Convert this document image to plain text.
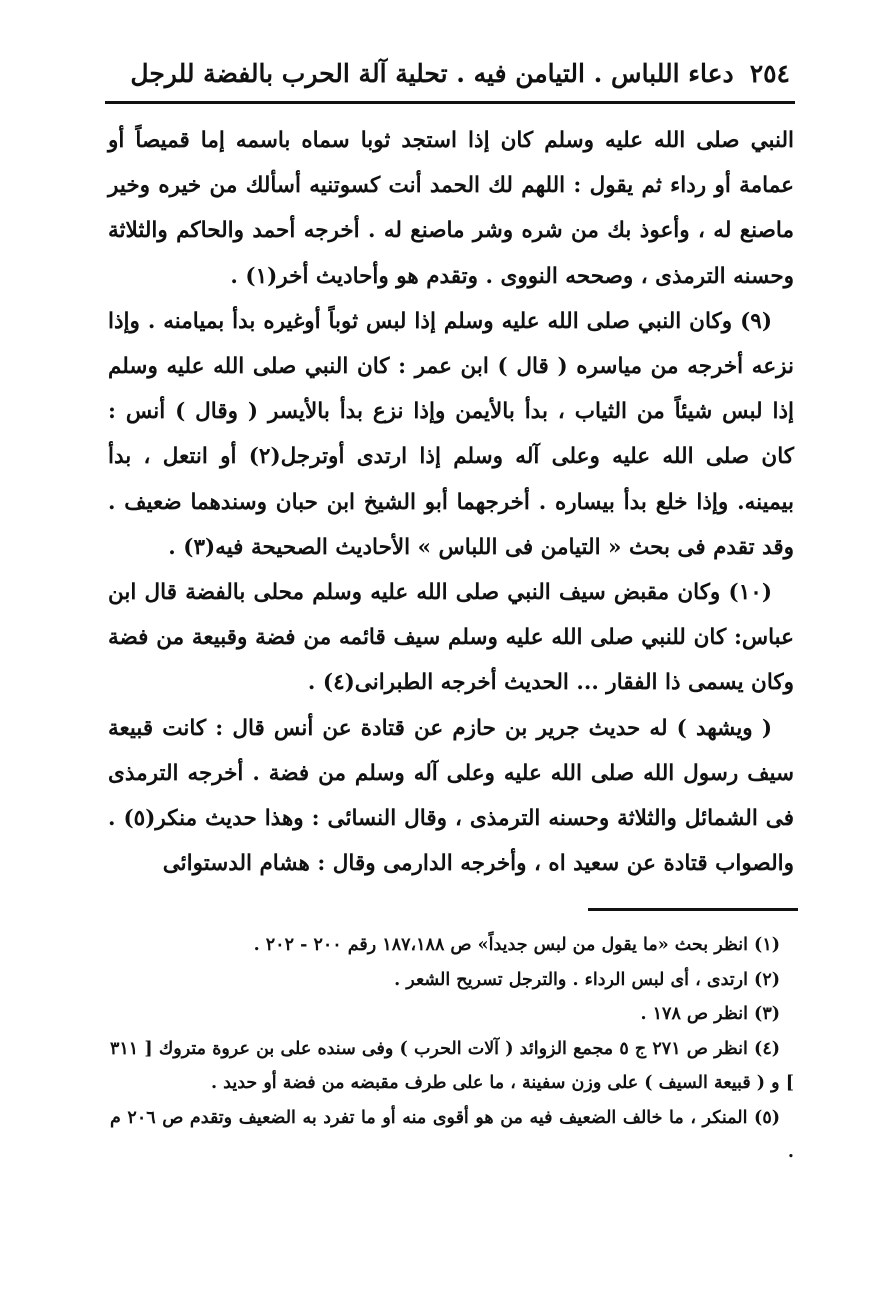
٢٥٤
دعاء اللباس . التيامن فيه . تحلية آلة الحرب بالفضة للرجل

النبي صلى الله عليه وسلم كان إذا استجد ثوبا سماه باسمه إما قميصاً أو عمامة أو رداء ثم يقول : اللهم لك الحمد أنت كسوتنيه أسألك من خيره وخير ماصنع له ، وأعوذ بك من شره وشر ماصنع له . أخرجه أحمد والحاكم والثلاثة وحسنه الترمذى ، وصححه النووى . وتقدم هو وأحاديث أخر(١) .

(٩) وكان النبي صلى الله عليه وسلم إذا لبس ثوباً أوغيره بدأ بميامنه . وإذا نزعه أخرجه من مياسره ( قال ) ابن عمر : كان النبي صلى الله عليه وسلم إذا لبس شيئاً من الثياب ، بدأ بالأيمن وإذا نزع بدأ بالأيسر ( وقال ) أنس : كان صلى الله عليه وعلى آله وسلم إذا ارتدى أوترجل(٢) أو انتعل ، بدأ بيمينه. وإذا خلع بدأ بيساره . أخرجهما أبو الشيخ ابن حبان وسندهما ضعيف . وقد تقدم فى بحث « التيامن فى اللباس » الأحاديث الصحيحة فيه(٣) .

(١٠) وكان مقبض سيف النبي صلى الله عليه وسلم محلى بالفضة قال ابن عباس: كان للنبي صلى الله عليه وسلم سيف قائمه من فضة وقبيعة من فضة وكان يسمى ذا الفقار ... الحديث أخرجه الطبرانى(٤) .

( ويشهد ) له حديث جرير بن حازم عن قتادة عن أنس قال : كانت قبيعة سيف رسول الله صلى الله عليه وعلى آله وسلم من فضة . أخرجه الترمذى فى الشمائل والثلاثة وحسنه الترمذى ، وقال النسائى : وهذا حديث منكر(٥) . والصواب قتادة عن سعيد اه ، وأخرجه الدارمى وقال : هشام الدستوائى

(١) انظر بحث «ما يقول من لبس جديداً» ص ١٨٧،١٨٨ رقم ٢٠٠ - ٢٠٢ .

(٢) ارتدى ، أى لبس الرداء . والترجل تسريح الشعر .

(٣) انظر ص ١٧٨ .

(٤) انظر ص ٢٧١ ج ٥ مجمع الزوائد ( آلات الحرب ) وفى سنده على بن عروة متروك [ ٣١١ ] و ( قبيعة السيف ) على وزن سفينة ، ما على طرف مقبضه من فضة أو حديد .

(٥) المنكر ، ما خالف الضعيف فيه من هو أقوى منه أو ما تفرد به الضعيف وتقدم ص ٢٠٦ م .
